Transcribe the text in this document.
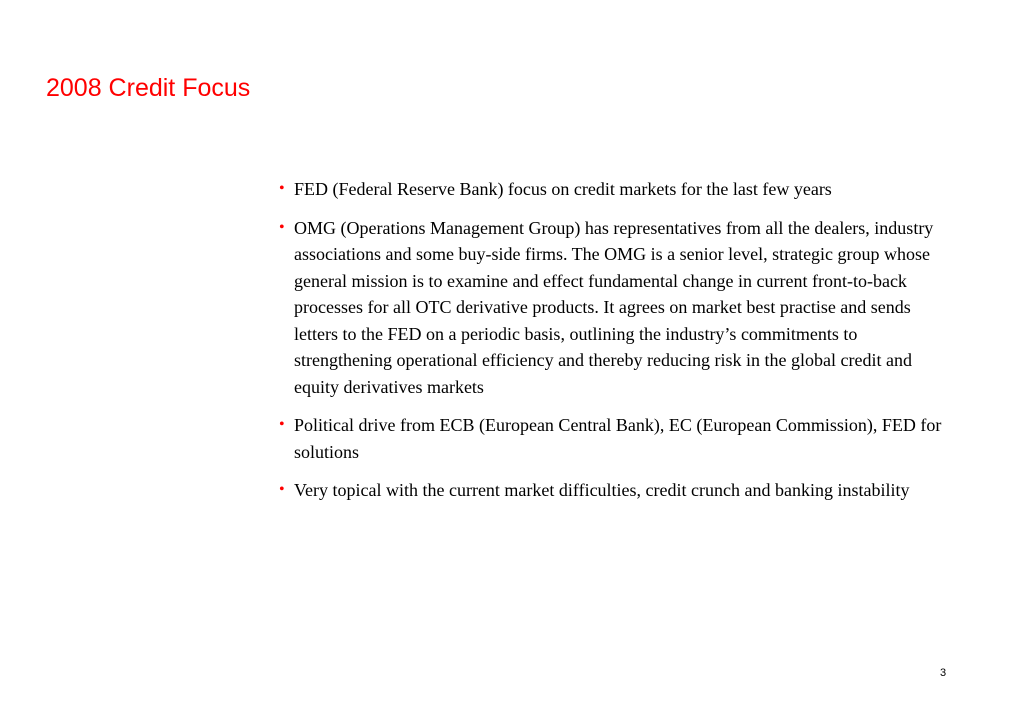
2008 Credit Focus
• FED (Federal Reserve Bank) focus on credit markets for the last few years
• OMG (Operations Management Group) has representatives from all the dealers, industry associations and some buy-side firms. The OMG is a senior level, strategic group whose general mission is to examine and effect fundamental change in current front-to-back processes for all OTC derivative products. It agrees on market best practise and sends letters to the FED on a periodic basis, outlining the industry’s commitments to strengthening operational efficiency and thereby reducing risk in the global credit and equity derivatives markets
• Political drive from ECB (European Central Bank), EC (European Commission), FED for solutions
• Very topical with the current market difficulties, credit crunch and banking instability
3
